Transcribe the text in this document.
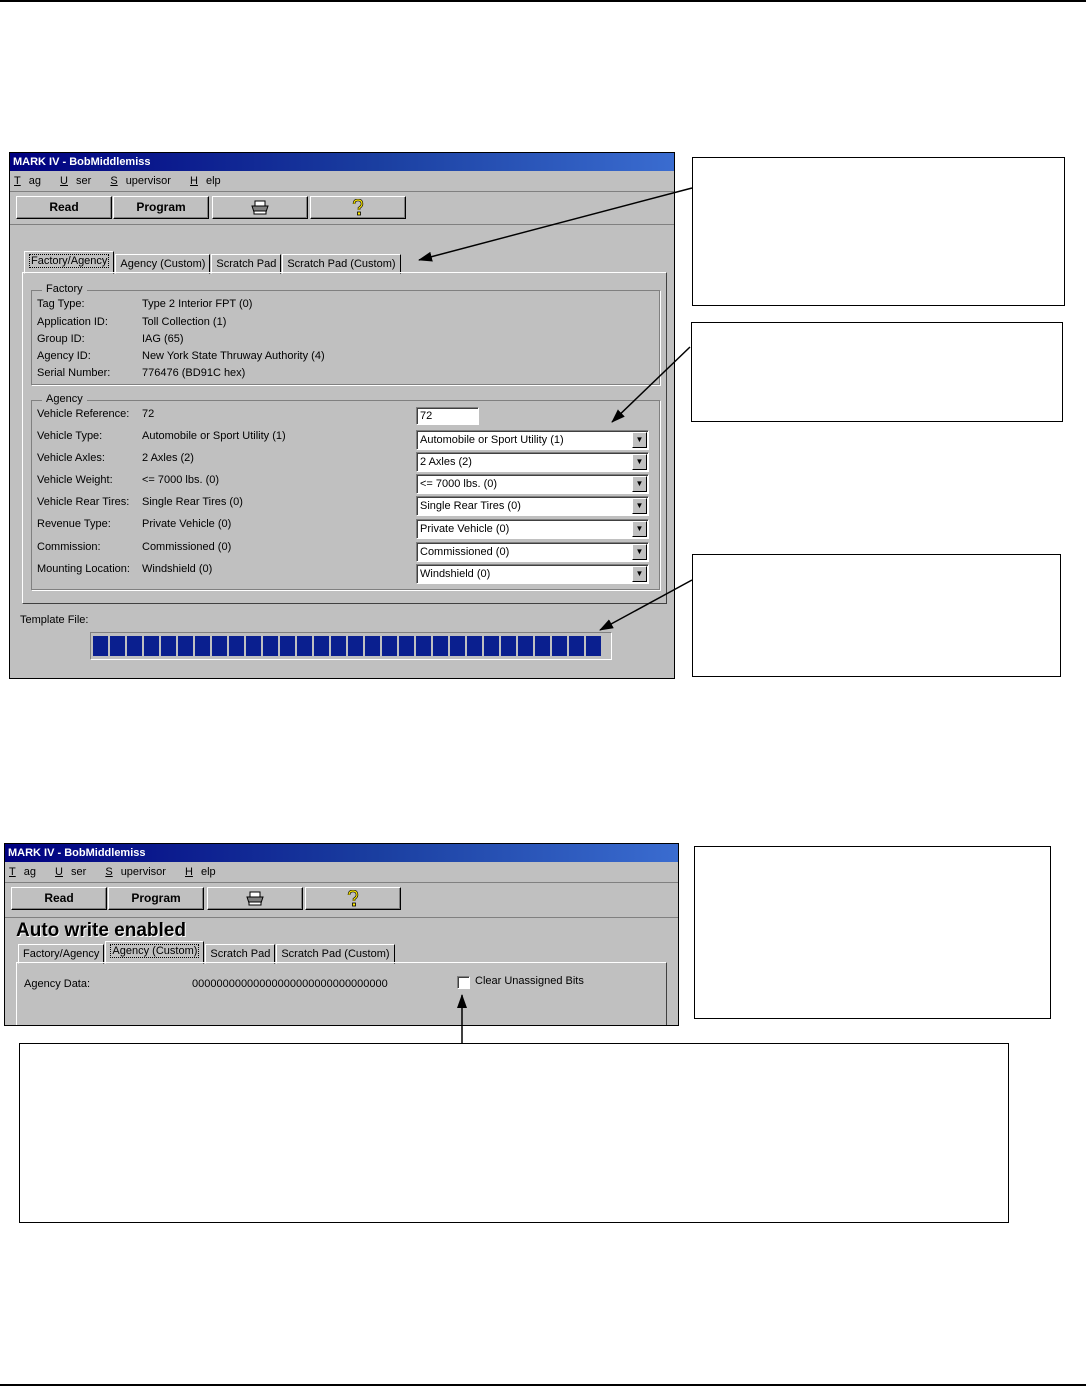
MARK IV - BobMiddlemiss
T ag U ser S upervisor H elp
Read	Program
Factory/Agency Agency (Custom) Scratch Pad Scratch Pad (Custom)
Factory
Agency
Tag Type:	Type 2 Interior FPT (0)
Application ID:	Toll Collection (1)
Group ID:	IAG (65)
Agency ID:	New York State Thruway Authority (4)
Serial Number:	776476 (BD91C hex)
Vehicle Reference: 72	72
Vehicle Type:	Automobile or Sport Utility (1)	Automobile or Sport Utility (1)	▼
Vehicle Axles:	2 Axles (2)	2 Axles (2)	▼
Vehicle Weight:	<= 7000 lbs. (0)	<= 7000 lbs. (0)	▼
Vehicle Rear Tires: Single Rear Tires (0)	Single Rear Tires (0)	▼
Revenue Type:	Private Vehicle (0)	Private Vehicle (0)	▼
Commission:	Commissioned (0)	Commissioned (0)	▼
Mounting Location: Windshield (0)	Windshield (0)	▼
Template File:
MARK IV - BobMiddlemiss
T ag U ser S upervisor H elp
Read	Program
Auto write enabled
Factory/Agency Agency (Custom) Scratch Pad Scratch Pad (Custom)
Agency Data:	00000000000000000000000000000000	Clear Unassigned Bits
